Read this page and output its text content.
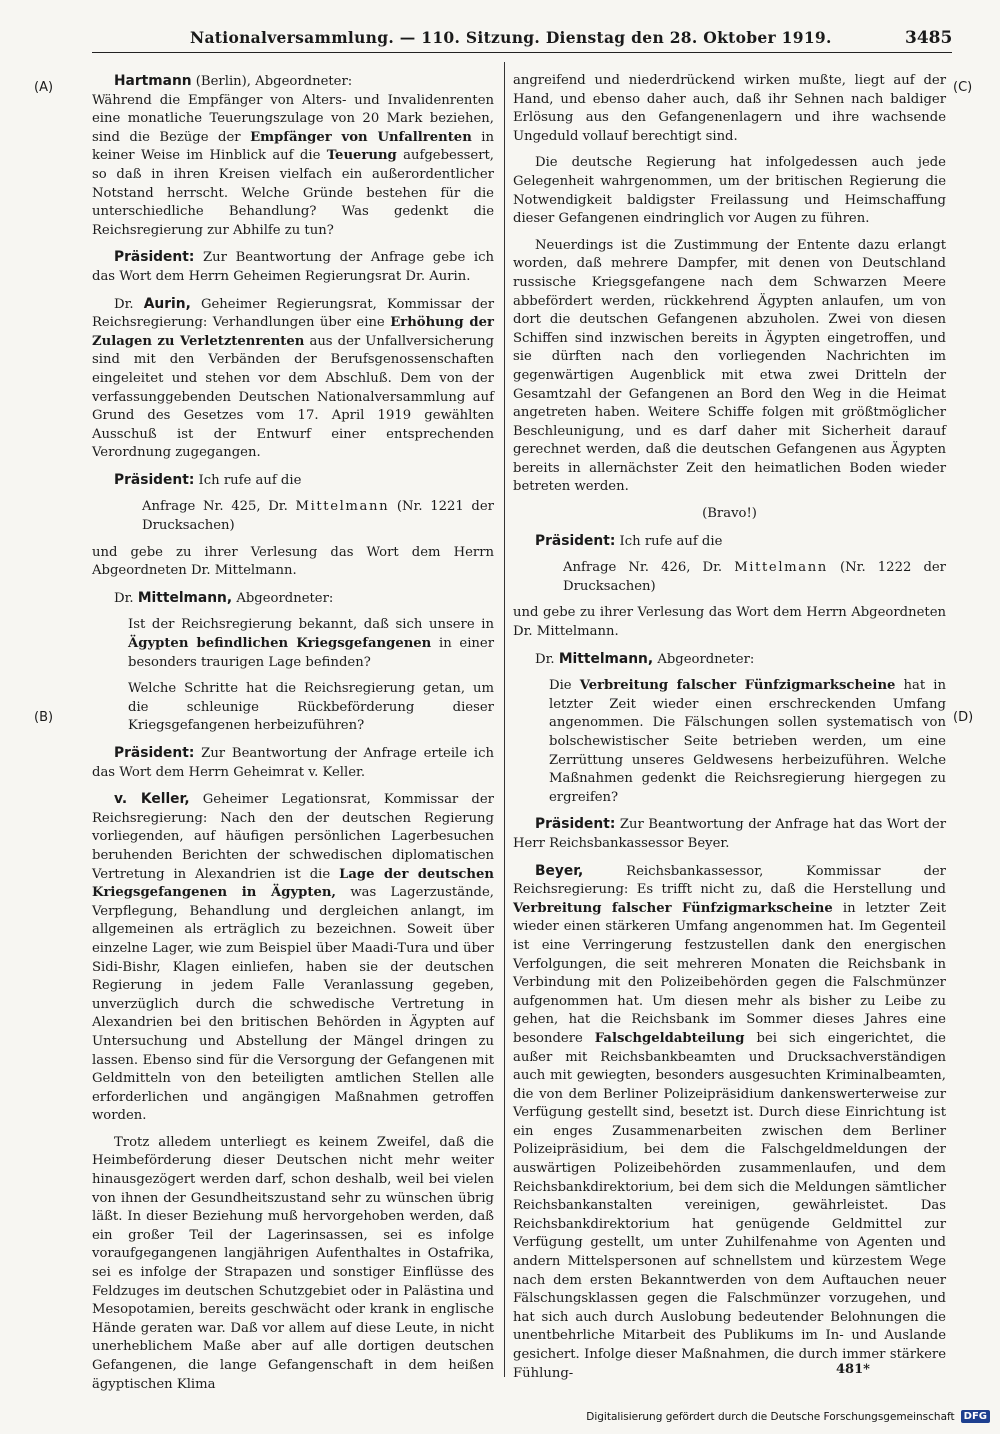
Nationalversammlung. — 110. Sitzung. Dienstag den 28. Oktober 1919.	3485
(A)
(B)
(C)
(D)

Hartmann (Berlin), Abgeordneter:
Während die Empfänger von Alters- und Invalidenrenten eine monatliche Teuerungszulage von 20 Mark beziehen, sind die Bezüge der Empfänger von Unfallrenten in keiner Weise im Hinblick auf die Teuerung aufgebessert, so daß in ihren Kreisen vielfach ein außerordentlicher Notstand herrscht. Welche Gründe bestehen für die unterschiedliche Behandlung? Was gedenkt die Reichsregierung zur Abhilfe zu tun?

Präsident: Zur Beantwortung der Anfrage gebe ich das Wort dem Herrn Geheimen Regierungsrat Dr. Aurin.

Dr. Aurin, Geheimer Regierungsrat, Kommissar der Reichsregierung: Verhandlungen über eine Erhöhung der Zulagen zu Verletztenrenten aus der Unfallversicherung sind mit den Verbänden der Berufsgenossenschaften eingeleitet und stehen vor dem Abschluß. Dem von der verfassunggebenden Deutschen Nationalversammlung auf Grund des Gesetzes vom 17. April 1919 gewählten Ausschuß ist der Entwurf einer entsprechenden Verordnung zugegangen.

Präsident: Ich rufe auf die

Anfrage Nr. 425, Dr. Mittelmann (Nr. 1221 der Drucksachen)

und gebe zu ihrer Verlesung das Wort dem Herrn Abgeordneten Dr. Mittelmann.

Dr. Mittelmann, Abgeordneter:

Ist der Reichsregierung bekannt, daß sich unsere in Ägypten befindlichen Kriegsgefangenen in einer besonders traurigen Lage befinden?
Welche Schritte hat die Reichsregierung getan, um die schleunige Rückbeförderung dieser Kriegsgefangenen herbeizuführen?

Präsident: Zur Beantwortung der Anfrage erteile ich das Wort dem Herrn Geheimrat v. Keller.

v. Keller, Geheimer Legationsrat, Kommissar der Reichsregierung: Nach den der deutschen Regierung vorliegenden, auf häufigen persönlichen Lagerbesuchen beruhenden Berichten der schwedischen diplomatischen Vertretung in Alexandrien ist die Lage der deutschen Kriegsgefangenen in Ägypten, was Lagerzustände, Verpflegung, Behandlung und dergleichen anlangt, im allgemeinen als erträglich zu bezeichnen. Soweit über einzelne Lager, wie zum Beispiel über Maadi-Tura und über Sidi-Bishr, Klagen einliefen, haben sie der deutschen Regierung in jedem Falle Veranlassung gegeben, unverzüglich durch die schwedische Vertretung in Alexandrien bei den britischen Behörden in Ägypten auf Untersuchung und Abstellung der Mängel dringen zu lassen. Ebenso sind für die Versorgung der Gefangenen mit Geldmitteln von den beteiligten amtlichen Stellen alle erforderlichen und angängigen Maßnahmen getroffen worden.

Trotz alledem unterliegt es keinem Zweifel, daß die Heimbeförderung dieser Deutschen nicht mehr weiter hinausgezögert werden darf, schon deshalb, weil bei vielen von ihnen der Gesundheitszustand sehr zu wünschen übrig läßt. In dieser Beziehung muß hervorgehoben werden, daß ein großer Teil der Lagerinsassen, sei es infolge voraufgegangenen langjährigen Aufenthaltes in Ostafrika, sei es infolge der Strapazen und sonstiger Einflüsse des Feldzuges im deutschen Schutzgebiet oder in Palästina und Mesopotamien, bereits geschwächt oder krank in englische Hände geraten war. Daß vor allem auf diese Leute, in nicht unerheblichem Maße aber auf alle dortigen deutschen Gefangenen, die lange Gefangenschaft in dem heißen ägyptischen Klima

angreifend und niederdrückend wirken mußte, liegt auf der Hand, und ebenso daher auch, daß ihr Sehnen nach baldiger Erlösung aus den Gefangenenlagern und ihre wachsende Ungeduld vollauf berechtigt sind.

Die deutsche Regierung hat infolgedessen auch jede Gelegenheit wahrgenommen, um der britischen Regierung die Notwendigkeit baldigster Freilassung und Heimschaffung dieser Gefangenen eindringlich vor Augen zu führen.

Neuerdings ist die Zustimmung der Entente dazu erlangt worden, daß mehrere Dampfer, mit denen von Deutschland russische Kriegsgefangene nach dem Schwarzen Meere abbefördert werden, rückkehrend Ägypten anlaufen, um von dort die deutschen Gefangenen abzuholen. Zwei von diesen Schiffen sind inzwischen bereits in Ägypten eingetroffen, und sie dürften nach den vorliegenden Nachrichten im gegenwärtigen Augenblick mit etwa zwei Dritteln der Gesamtzahl der Gefangenen an Bord den Weg in die Heimat angetreten haben. Weitere Schiffe folgen mit größtmöglicher Beschleunigung, und es darf daher mit Sicherheit darauf gerechnet werden, daß die deutschen Gefangenen aus Ägypten bereits in allernächster Zeit den heimatlichen Boden wieder betreten werden.

(Bravo!)

Präsident: Ich rufe auf die

Anfrage Nr. 426, Dr. Mittelmann (Nr. 1222 der Drucksachen)

und gebe zu ihrer Verlesung das Wort dem Herrn Abgeordneten Dr. Mittelmann.

Dr. Mittelmann, Abgeordneter:

Die Verbreitung falscher Fünfzigmarkscheine hat in letzter Zeit wieder einen erschreckenden Umfang angenommen. Die Fälschungen sollen systematisch von bolschewistischer Seite betrieben werden, um eine Zerrüttung unseres Geldwesens herbeizuführen. Welche Maßnahmen gedenkt die Reichsregierung hiergegen zu ergreifen?

Präsident: Zur Beantwortung der Anfrage hat das Wort der Herr Reichsbankassessor Beyer.

Beyer, Reichsbankassessor, Kommissar der Reichsregierung: Es trifft nicht zu, daß die Herstellung und Verbreitung falscher Fünfzigmarkscheine in letzter Zeit wieder einen stärkeren Umfang angenommen hat. Im Gegenteil ist eine Verringerung festzustellen dank den energischen Verfolgungen, die seit mehreren Monaten die Reichsbank in Verbindung mit den Polizeibehörden gegen die Falschmünzer aufgenommen hat. Um diesen mehr als bisher zu Leibe zu gehen, hat die Reichsbank im Sommer dieses Jahres eine besondere Falschgeldabteilung bei sich eingerichtet, die außer mit Reichsbankbeamten und Drucksachverständigen auch mit gewiegten, besonders ausgesuchten Kriminalbeamten, die von dem Berliner Polizeipräsidium dankenswerterweise zur Verfügung gestellt sind, besetzt ist. Durch diese Einrichtung ist ein enges Zusammenarbeiten zwischen dem Berliner Polizeipräsidium, bei dem die Falschgeldmeldungen der auswärtigen Polizeibehörden zusammenlaufen, und dem Reichsbankdirektorium, bei dem sich die Meldungen sämtlicher Reichsbankanstalten vereinigen, gewährleistet. Das Reichsbankdirektorium hat genügende Geldmittel zur Verfügung gestellt, um unter Zuhilfenahme von Agenten und andern Mittelspersonen auf schnellstem und kürzestem Wege nach dem ersten Bekanntwerden von dem Auftauchen neuer Fälschungsklassen gegen die Falschmünzer vorzugehen, und hat sich auch durch Auslobung bedeutender Belohnungen die unentbehrliche Mitarbeit des Publikums im In- und Auslande gesichert. Infolge dieser Maßnahmen, die durch immer stärkere Fühlung-	481*
Digitalisierung gefördert durch die Deutsche Forschungsgemeinschaft DFG
